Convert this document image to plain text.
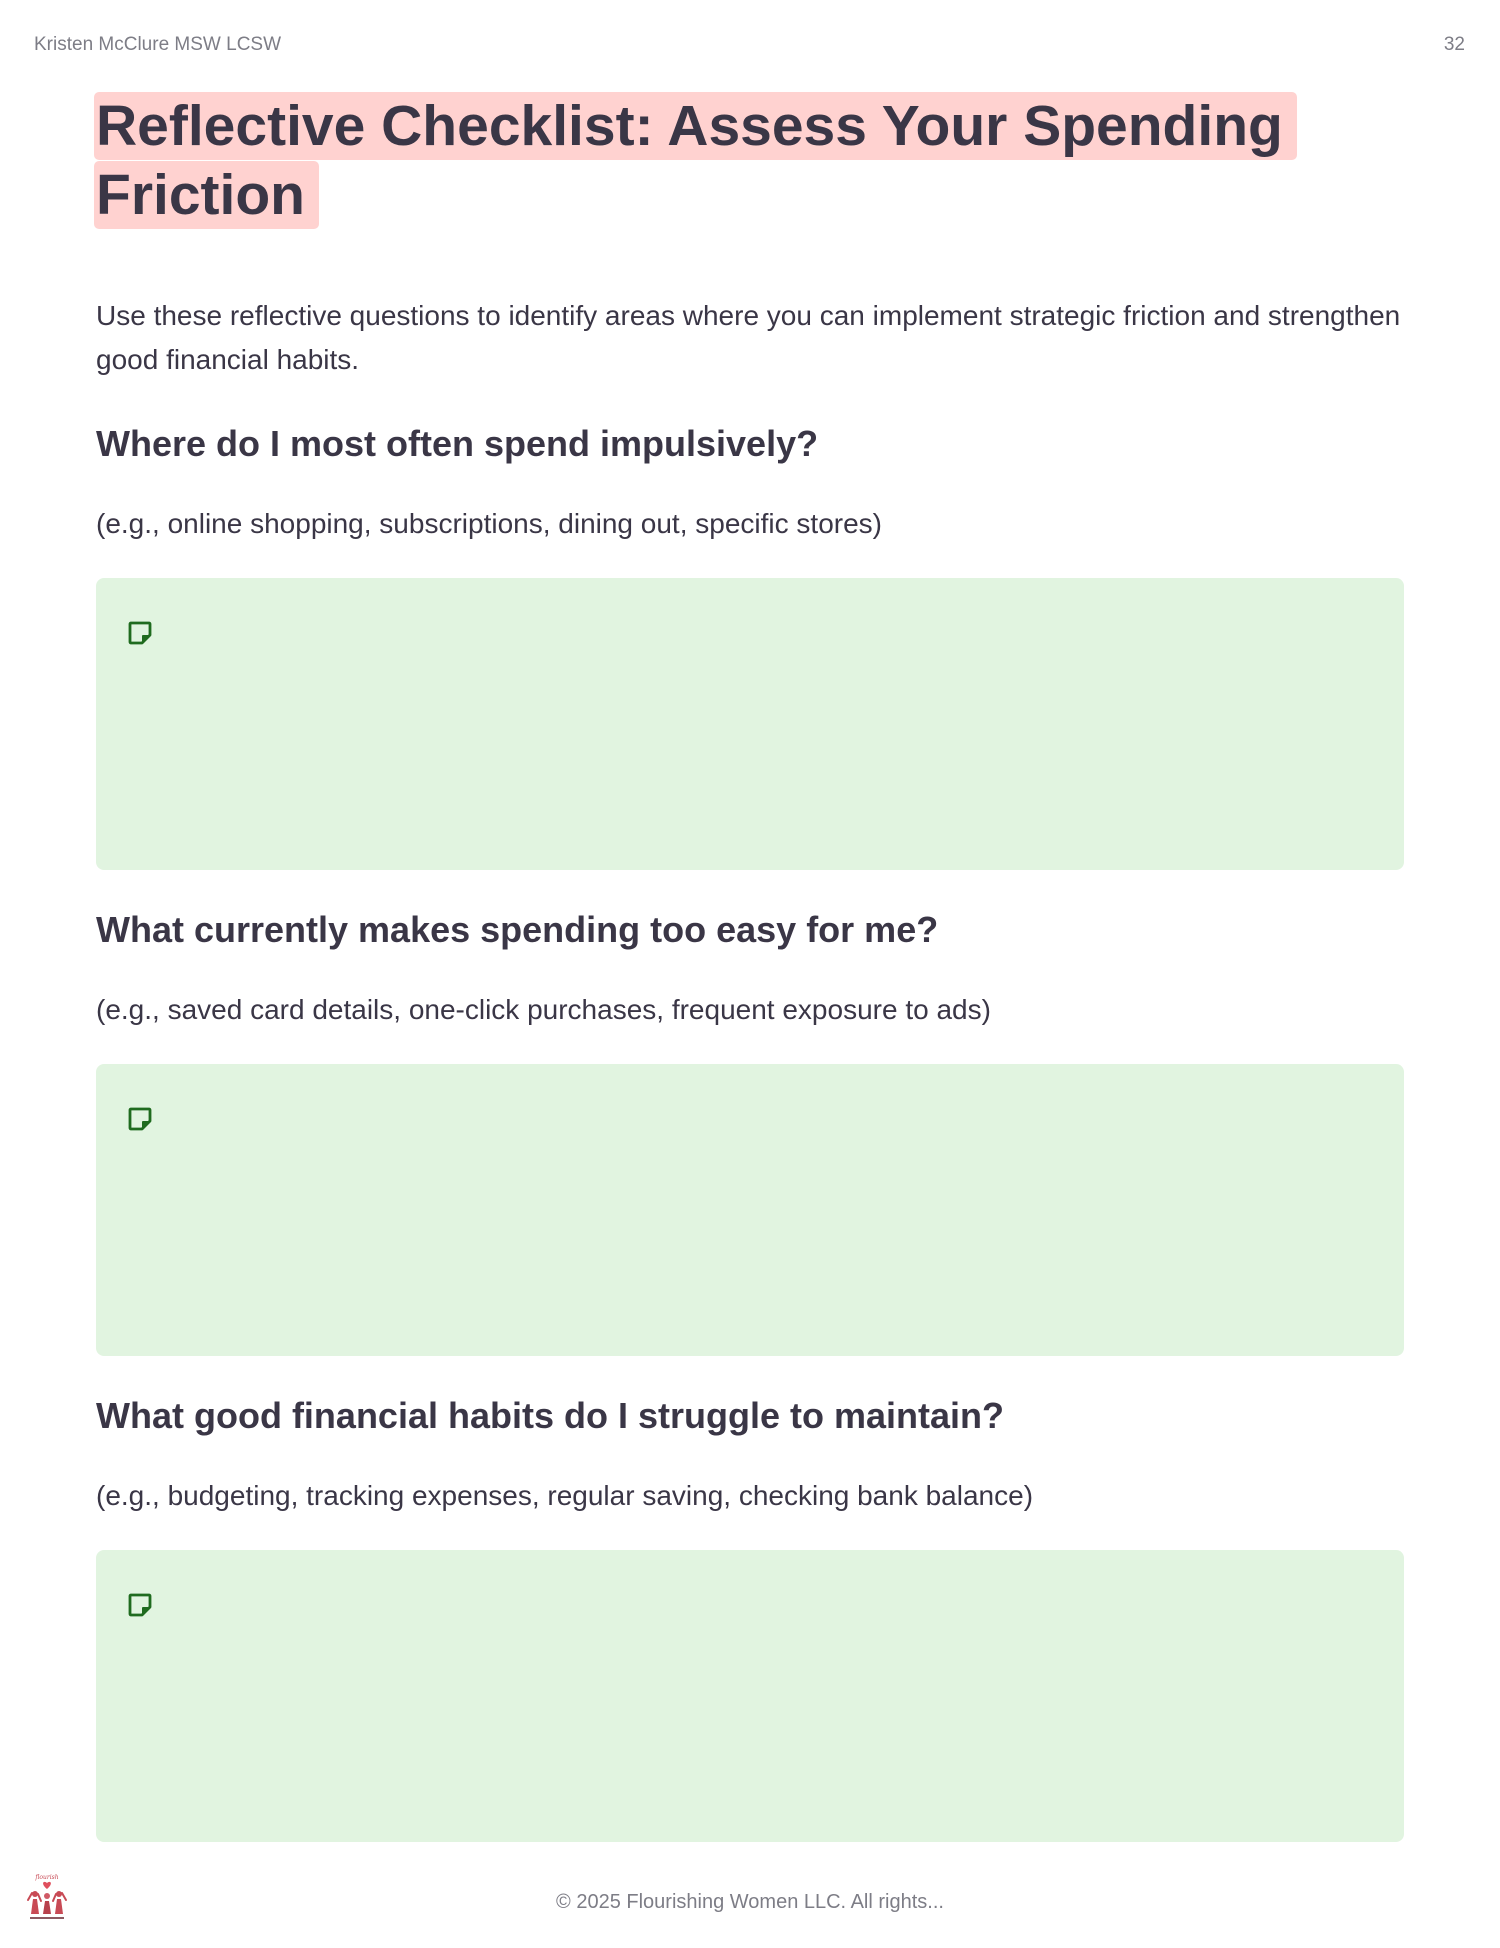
Kristen McClure MSW LCSW	32
Reflective Checklist: Assess Your Spending Friction

Use these reflective questions to identify areas where you can implement strategic friction and strengthen good financial habits.

Where do I most often spend impulsively?

(e.g., online shopping, subscriptions, dining out, specific stores)

What currently makes spending too easy for me?

(e.g., saved card details, one-click purchases, frequent exposure to ads)

What good financial habits do I struggle to maintain?

(e.g., budgeting, tracking expenses, regular saving, checking bank balance)

flourish
© 2025 Flourishing Women LLC. All rights...
